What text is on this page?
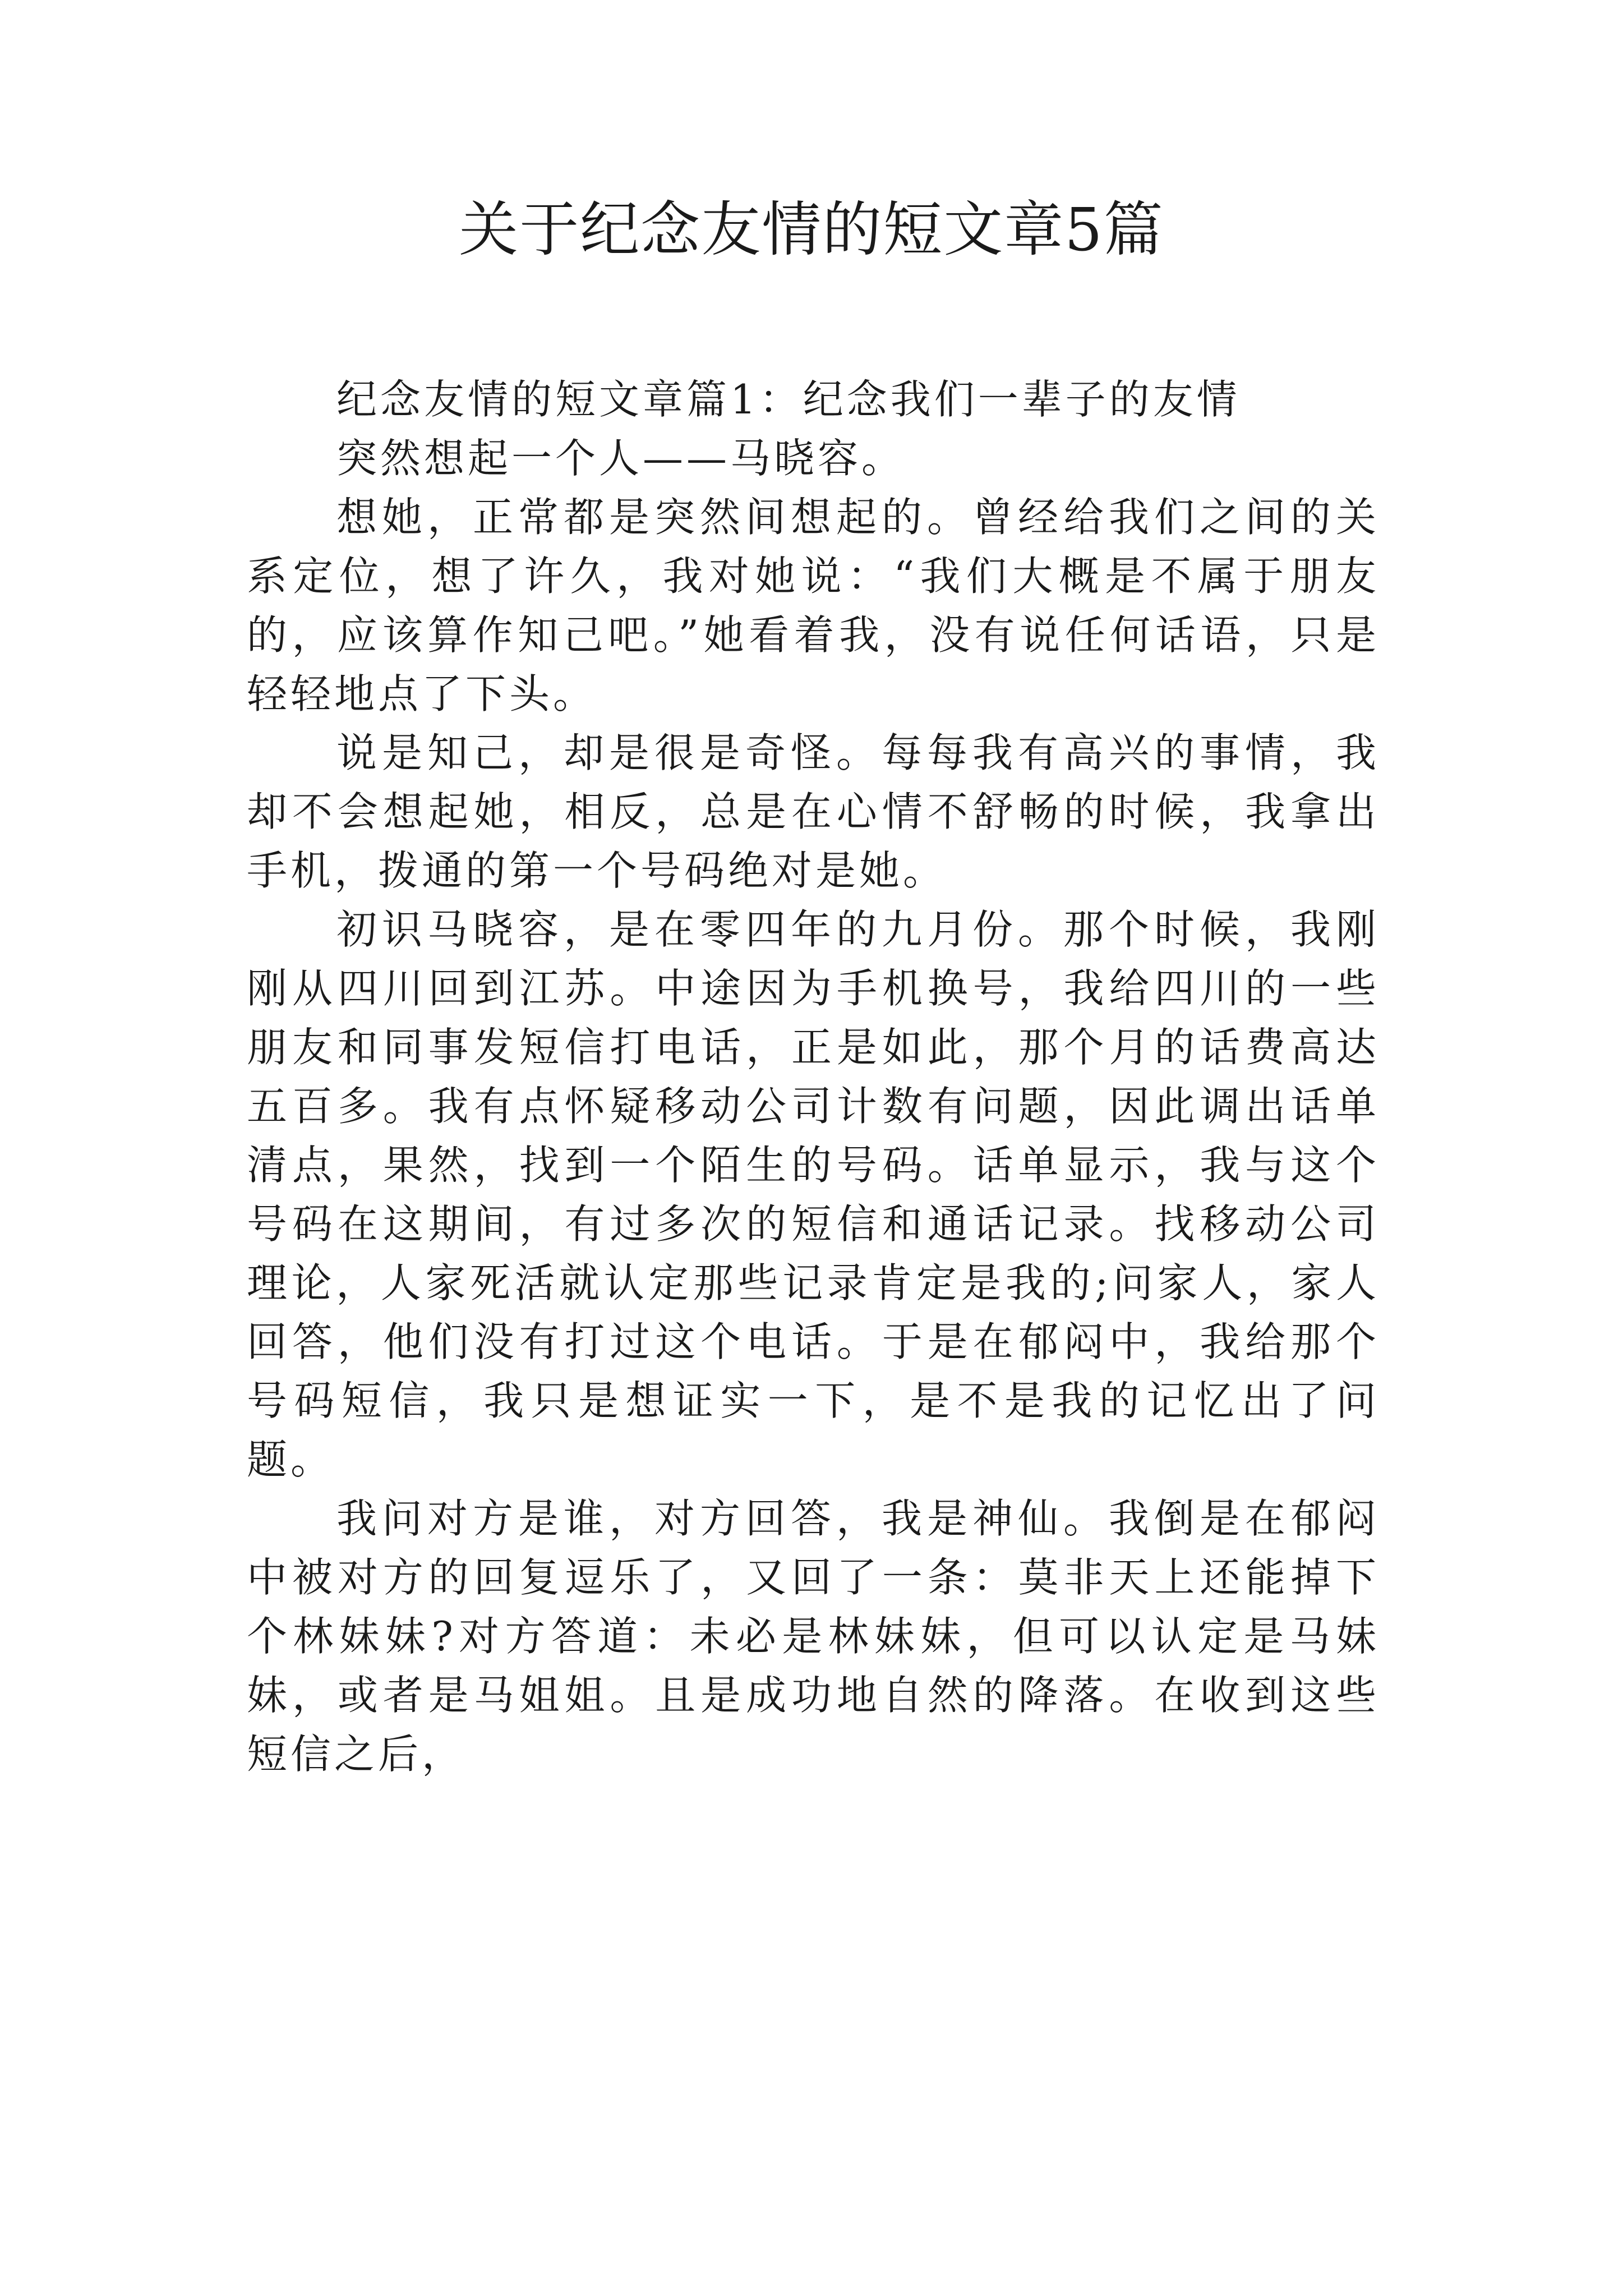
关于纪念友情的短文章5篇

纪念友情的短文章篇1：纪念我们一辈子的友情

突然想起一个人——马晓容。

想她，正常都是突然间想起的。曾经给我们之间的关系定位，想了许久，我对她说：“我们大概是不属于朋友的，应该算作知己吧。”她看着我，没有说任何话语，只是轻轻地点了下头。

说是知己，却是很是奇怪。每每我有高兴的事情，我却不会想起她，相反，总是在心情不舒畅的时候，我拿出手机，拨通的第一个号码绝对是她。

初识马晓容，是在零四年的九月份。那个时候，我刚刚从四川回到江苏。中途因为手机换号，我给四川的一些朋友和同事发短信打电话，正是如此，那个月的话费高达五百多。我有点怀疑移动公司计数有问题，因此调出话单清点，果然，找到一个陌生的号码。话单显示，我与这个号码在这期间，有过多次的短信和通话记录。找移动公司理论，人家死活就认定那些记录肯定是我的;问家人，家人回答，他们没有打过这个电话。于是在郁闷中，我给那个号码短信，我只是想证实一下，是不是我的记忆出了问题。

我问对方是谁，对方回答，我是神仙。我倒是在郁闷中被对方的回复逗乐了，又回了一条：莫非天上还能掉下个林妹妹?对方答道：未必是林妹妹，但可以认定是马妹妹，或者是马姐姐。且是成功地自然的降落。在收到这些短信之后，
